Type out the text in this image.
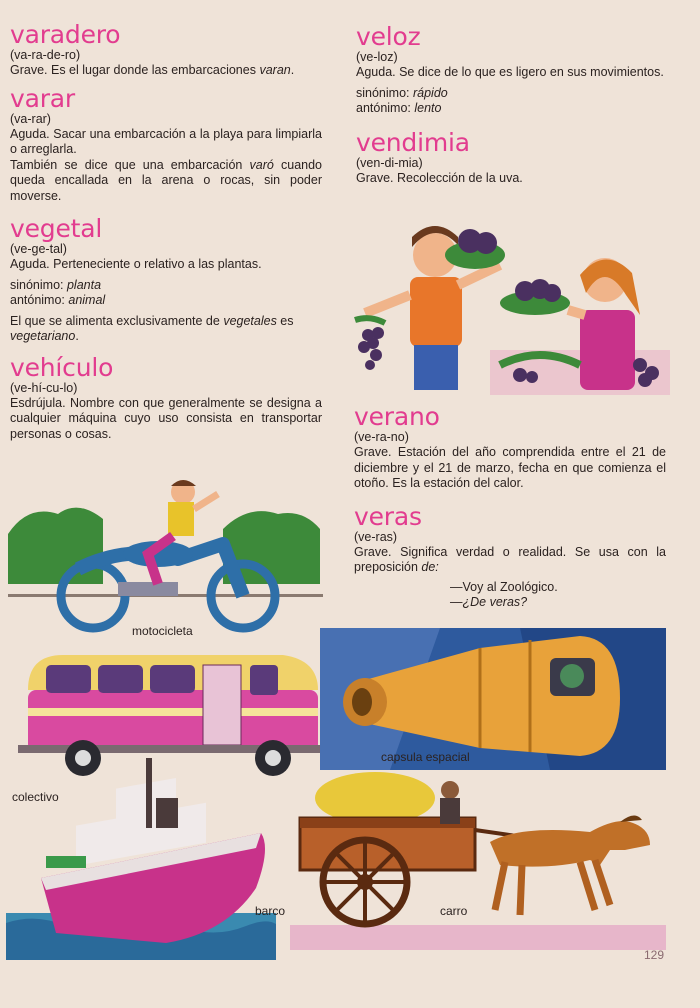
varadero
(va-ra-de-ro)

Grave. Es el lugar donde las embarcaciones varan.

varar
(va-rar)

Aguda. Sacar una embarcación a la playa para limpiarla o arreglarla.

También se dice que una embarcación varó cuando queda encallada en la arena o rocas, sin poder moverse.

vegetal
(ve-ge-tal)

Aguda. Perteneciente o relativo a las plantas.

sinónimo: planta

antónimo: animal

El que se alimenta exclusivamente de vegetales es vegetariano.

vehículo
(ve-hí-cu-lo)

Esdrújula. Nombre con que generalmente se designa a cualquier máquina cuyo uso consista en transportar personas o cosas.

veloz
(ve-loz)

Aguda. Se dice de lo que es ligero en sus movimientos.

sinónimo: rápido

antónimo: lento

vendimia
(ven-di-mia)

Grave. Recolección de la uva.

verano
(ve-ra-no)

Grave. Estación del año comprendida entre el 21 de diciembre y el 21 de marzo, fecha en que comienza el otoño. Es la estación del calor.

veras
(ve-ras)

Grave. Significa verdad o realidad. Se usa con la preposición de:

—Voy al Zoológico.

—¿De veras?

motocicleta
colectivo
capsula espacial
barco	carro
129
